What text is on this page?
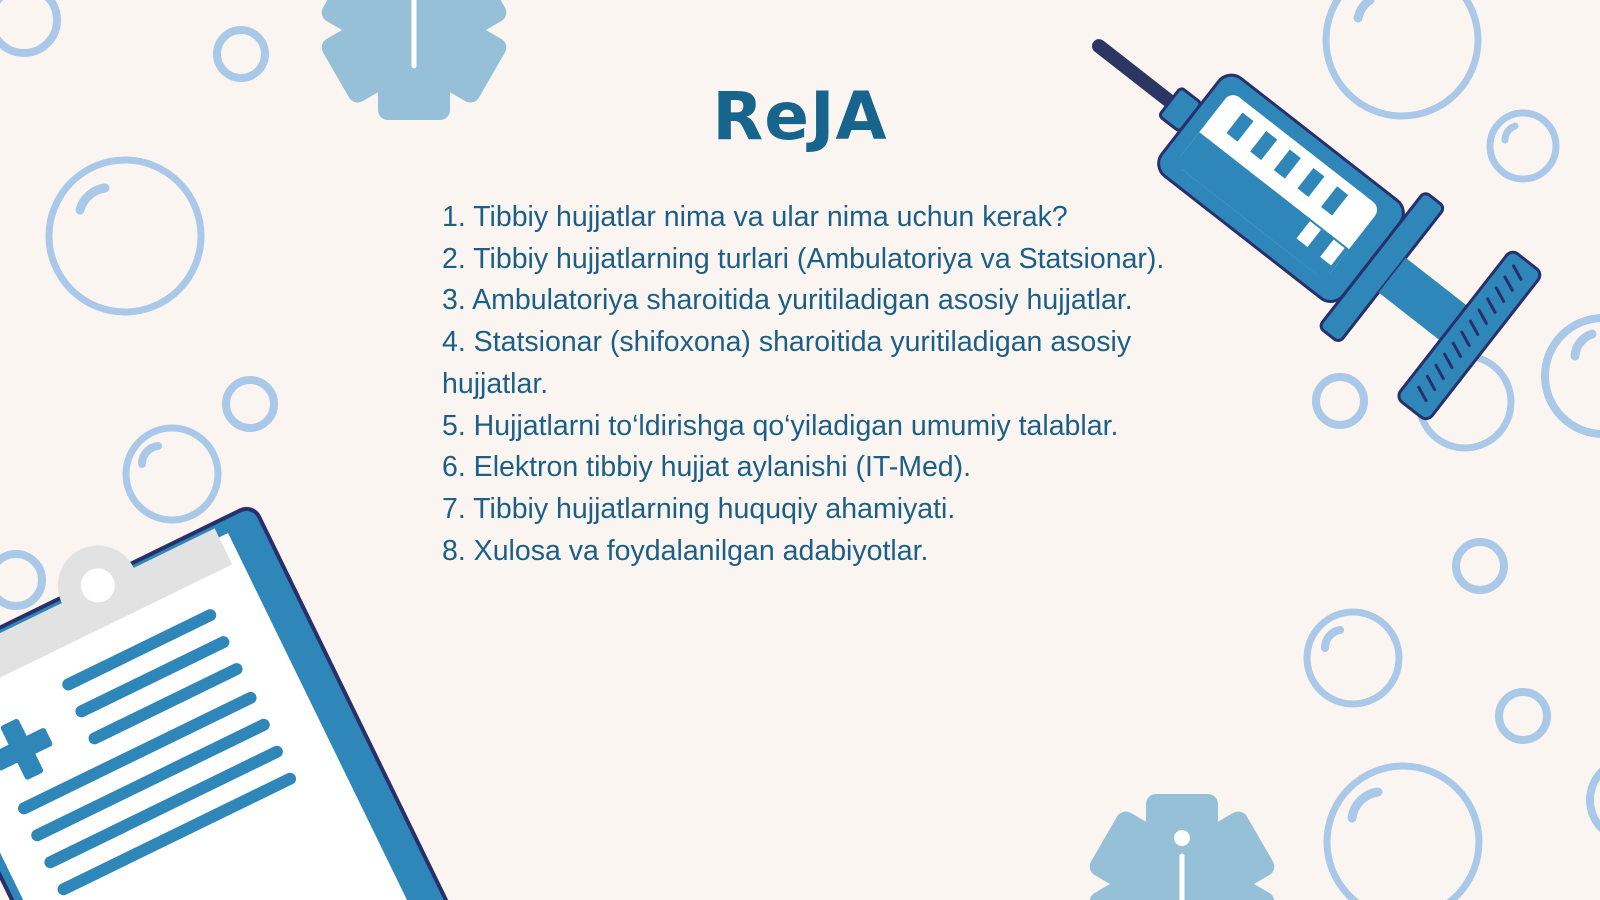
ReJA
1. Tibbiy hujjatlar nima va ular nima uchun kerak?
2. Tibbiy hujjatlarning turlari (Ambulatoriya va Statsionar).
3. Ambulatoriya sharoitida yuritiladigan asosiy hujjatlar.
4. Statsionar (shifoxona) sharoitida yuritiladigan asosiy hujjatlar.
5. Hujjatlarni to‘ldirishga qo‘yiladigan umumiy talablar.
6. Elektron tibbiy hujjat aylanishi (IT-Med).
7. Tibbiy hujjatlarning huquqiy ahamiyati.
8. Xulosa va foydalanilgan adabiyotlar.
